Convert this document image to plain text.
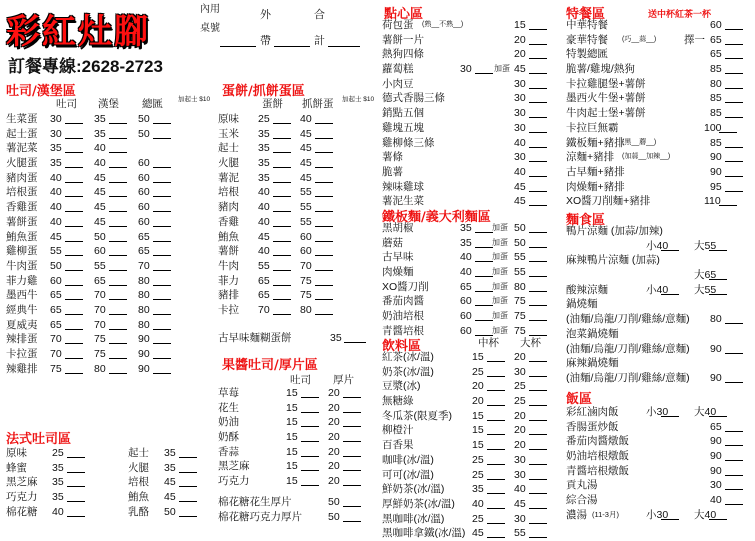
彩紅灶腳
訂餐專線:2628-2723
內用
桌號
外
帶
合
計
吐司/漢堡區
吐司 漢堡 總匯 加起士 $10
生菜蛋 30	35	50
起士蛋 30	35	50
薯泥菜 35	40
火腿蛋 35	40	60
豬肉蛋 40	45	60
培根蛋 40	45	60
香雞蛋 40	45	60
薯餅蛋 40	45	60
鮪魚蛋 45	50	65
雞柳蛋 55	60	65
牛肉蛋 50	55	70
菲力雞 60	65	80
墨西牛 65	70	80
經典牛 65	70	80
夏威夷 65	70	80
辣排蛋 70	75	90
卡拉蛋 70	75	90
辣雞排 75	80	90
法式吐司區
原味 25
蜂蜜 35
黑芝麻 35
巧克力 35
棉花糖 40
起士 35
火腿 35
培根 45
鮪魚 45
乳酪 50
蛋餅/抓餅蛋區
蛋餅 抓餅蛋 加起士 $10
原味 25	40
玉米 35	45
起士 35	45
火腿 35	45
薯泥 35	45
培根 40	55
豬肉 40	55
香雞 40	55
鮪魚 45	60
薯餅 40	60
牛肉 55	70
菲力 65	75
豬排 65	75
卡拉 70	80
古早味麵糊蛋餅	35
果醬吐司/厚片區
吐司 厚片
草莓	15	20
花生	15	20
奶油	15	20
奶酥	15	20
香蒜	15	20
黑芝麻	15	20
巧克力	15	20
棉花糖花生厚片	50
棉花糖巧克力厚片 50
點心區
荷包蛋 (熟__不熟__)	15
薯餅一片	20
熱狗四條	20
蘿蔔糕	30	加蛋 45
小肉豆	30
德式香腸三條	30
銷點五個	30
雞塊五塊	30
雞柳條三條	40
薯條	30
脆薯	40
辣味雞球	45
薯泥生菜	45
鐵板麵/義大利麵區
黑胡椒	35	加蛋 50
蘑菇	35	加蛋 50
古早味	40	加蛋 55
肉燥麵	40	加蛋 55
XO醬刀削	65	加蛋 80
番茄肉醬	60	加蛋 75
奶油培根	60	加蛋 75
青醬培根	60	加蛋 75
飲料區	中杯 大杯
紅茶(冰/溫)	15	20
奶茶(冰/溫)	25	30
豆漿(冰)	20	25
無糖綠	20	25
冬瓜茶(限夏季) 15	20
柳橙汁	15	20
百香果	15	20
咖啡(冰/溫)	25	30
可可(冰/溫)	25	30
鮮奶茶(冰/溫)	35	40
厚鮮奶茶(冰/溫) 40	45
黑咖啡(冰/溫)	25	30
黑咖啡拿鐵(冰/溫) 45	55
特餐區	送中杯紅茶一杯
中華特餐	60
豪華特餐 (巧__蒜__)	擇一 65
特製總匯	65
脆薯/雞塊/熱狗	85
卡拉雞腿堡+薯餅	80
墨西火牛堡+薯餅	85
牛肉起士堡+薯餅	85
卡拉巨無霸	100
鐵板麵+豬排
(黑__蘑__)	85
涼麵+豬排 (加蒜__加辣__)	90
古早麵+豬排	90
肉燥麵+豬排	95
XO醬刀削麵+豬排	110
麵食區
鴨片涼麵 (加蒜/加辣)
小40 大55
麻辣鴨片涼麵 (加蒜)
大65
酸辣涼麵	小40 大55
鍋燒麵
(油麵/烏龍/刀削/雞絲/意麵) 80
泡菜鍋燒麵
(油麵/烏龍/刀削/雞絲/意麵) 90
麻辣鍋燒麵
(油麵/烏龍/刀削/雞絲/意麵) 90
飯區
彩紅滷肉飯	小30 大40
香腸蛋炒飯	65
番茄肉醬燉飯	90
奶油培根燉飯	90
青醬培根燉飯	90
貢丸湯	30
綜合湯	40
濃湯 (11-3月)	小30 大40
